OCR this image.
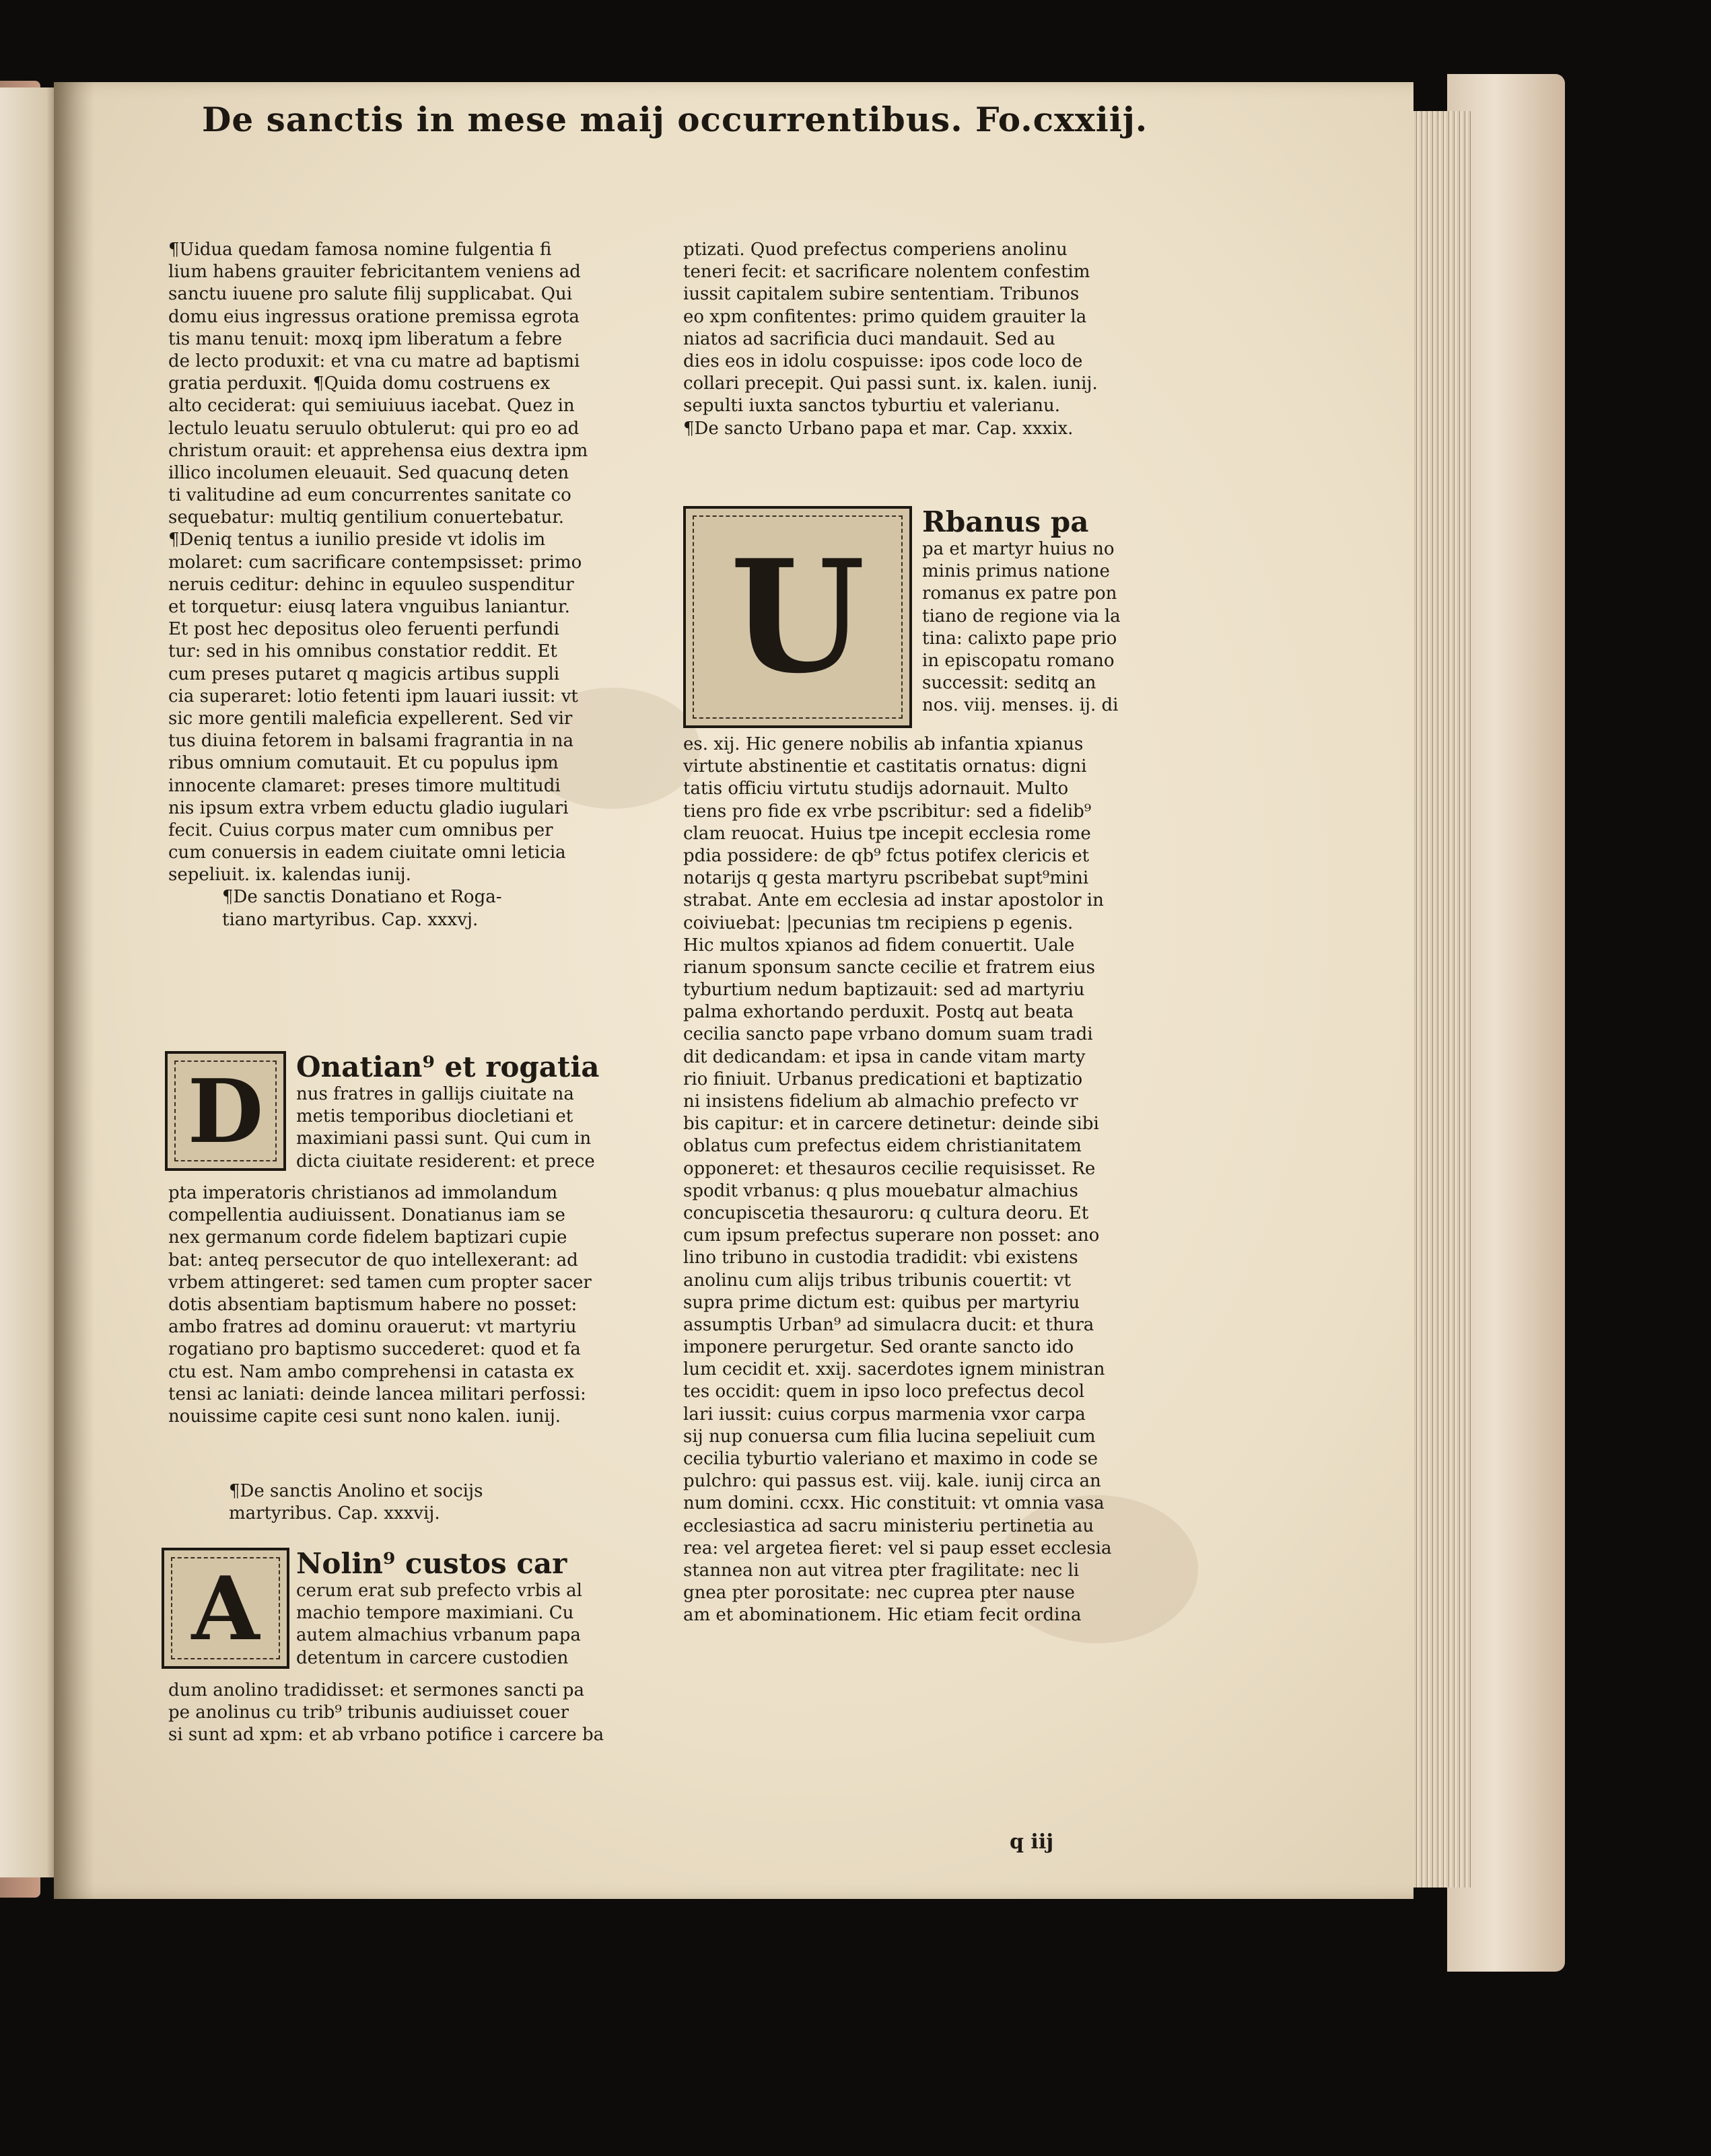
De sanctis in mese maij occurrentibus. Fo.cxxiij.
¶Uidua quedam famosa nomine fulgentia fi
lium habens grauiter febricitantem veniens ad
sanctu iuuene pro salute filij supplicabat. Qui
domu eius ingressus oratione premissa egrota
tis manu tenuit: moxq ipm liberatum a febre
de lecto produxit: et vna cu matre ad baptismi
gratia perduxit. ¶Quida domu costruens ex
alto ceciderat: qui semiuiuus iacebat. Quez in
lectulo leuatu seruulo obtulerut: qui pro eo ad
christum orauit: et apprehensa eius dextra ipm
illico incolumen eleuauit. Sed quacunq deten
ti valitudine ad eum concurrentes sanitate co
sequebatur: multiq gentilium conuertebatur.
¶Deniq tentus a iunilio preside vt idolis im
molaret: cum sacrificare contempsisset: primo
neruis ceditur: dehinc in equuleo suspenditur
et torquetur: eiusq latera vnguibus laniantur.
Et post hec depositus oleo feruenti perfundi
tur: sed in his omnibus constatior reddit. Et
cum preses putaret q magicis artibus suppli
cia superaret: lotio fetenti ipm lauari iussit: vt
sic more gentili maleficia expellerent. Sed vir
tus diuina fetorem in balsami fragrantia in na
ribus omnium comutauit. Et cu populus ipm
innocente clamaret: preses timore multitudi
nis ipsum extra vrbem eductu gladio iugulari
fecit. Cuius corpus mater cum omnibus per
cum conuersis in eadem ciuitate omni leticia
sepeliuit. ix. kalendas iunij.
¶De sanctis Donatiano et Roga-
tiano martyribus. Cap. xxxvj.
D Onatian⁹ et rogatia
nus fratres in gallijs ciuitate na
metis temporibus diocletiani et
maximiani passi sunt. Qui cum in
dicta ciuitate residerent: et prece
pta imperatoris christianos ad immolandum
compellentia audiuissent. Donatianus iam se
nex germanum corde fidelem baptizari cupie
bat: anteq persecutor de quo intellexerant: ad
vrbem attingeret: sed tamen cum propter sacer
dotis absentiam baptismum habere no posset:
ambo fratres ad dominu orauerut: vt martyriu
rogatiano pro baptismo succederet: quod et fa
ctu est. Nam ambo comprehensi in catasta ex
tensi ac laniati: deinde lancea militari perfossi:
nouissime capite cesi sunt nono kalen. iunij.
¶De sanctis Anolino et socijs
martyribus. Cap. xxxvij.
A Nolin⁹ custos car
cerum erat sub prefecto vrbis al
machio tempore maximiani. Cu
autem almachius vrbanum papa
detentum in carcere custodien
dum anolino tradidisset: et sermones sancti pa
pe anolinus cu trib⁹ tribunis audiuisset couer
si sunt ad xpm: et ab vrbano potifice i carcere ba
ptizati. Quod prefectus comperiens anolinu
teneri fecit: et sacrificare nolentem confestim
iussit capitalem subire sententiam. Tribunos
eo xpm confitentes: primo quidem grauiter la
niatos ad sacrificia duci mandauit. Sed au
dies eos in idolu cospuisse: ipos code loco de
collari precepit. Qui passi sunt. ix. kalen. iunij.
sepulti iuxta sanctos tyburtiu et valerianu.
¶De sancto Urbano papa et mar. Cap. xxxix.
U
Rbanus pa
pa et martyr huius no
minis primus natione
romanus ex patre pon
tiano de regione via la
tina: calixto pape prio
in episcopatu romano
successit: seditq an
nos. viij. menses. ij. di
es. xij. Hic genere nobilis ab infantia xpianus
virtute abstinentie et castitatis ornatus: digni
tatis officiu virtutu studijs adornauit. Multo
tiens pro fide ex vrbe pscribitur: sed a fidelib⁹
clam reuocat. Huius tpe incepit ecclesia rome
pdia possidere: de qb⁹ fctus potifex clericis et
notarijs q gesta martyru pscribebat supt⁹mini
strabat. Ante em ecclesia ad instar apostolor in
coiviuebat: |pecunias tm recipiens p egenis.
Hic multos xpianos ad fidem conuertit. Uale
rianum sponsum sancte cecilie et fratrem eius
tyburtium nedum baptizauit: sed ad martyriu
palma exhortando perduxit. Postq aut beata
cecilia sancto pape vrbano domum suam tradi
dit dedicandam: et ipsa in cande vitam marty
rio finiuit. Urbanus predicationi et baptizatio
ni insistens fidelium ab almachio prefecto vr
bis capitur: et in carcere detinetur: deinde sibi
oblatus cum prefectus eidem christianitatem
opponeret: et thesauros cecilie requisisset. Re
spodit vrbanus: q plus mouebatur almachius
concupiscetia thesauroru: q cultura deoru. Et
cum ipsum prefectus superare non posset: ano
lino tribuno in custodia tradidit: vbi existens
anolinu cum alijs tribus tribunis couertit: vt
supra prime dictum est: quibus per martyriu
assumptis Urban⁹ ad simulacra ducit: et thura
imponere perurgetur. Sed orante sancto ido
lum cecidit et. xxij. sacerdotes ignem ministran
tes occidit: quem in ipso loco prefectus decol
lari iussit: cuius corpus marmenia vxor carpa
sij nup conuersa cum filia lucina sepeliuit cum
cecilia tyburtio valeriano et maximo in code se
pulchro: qui passus est. viij. kale. iunij circa an
num domini. ccxx. Hic constituit: vt omnia vasa
ecclesiastica ad sacru ministeriu pertinetia au
rea: vel argetea fieret: vel si paup esset ecclesia
stannea non aut vitrea pter fragilitate: nec li
gnea pter porositate: nec cuprea pter nause
am et abominationem. Hic etiam fecit ordina
q iij
